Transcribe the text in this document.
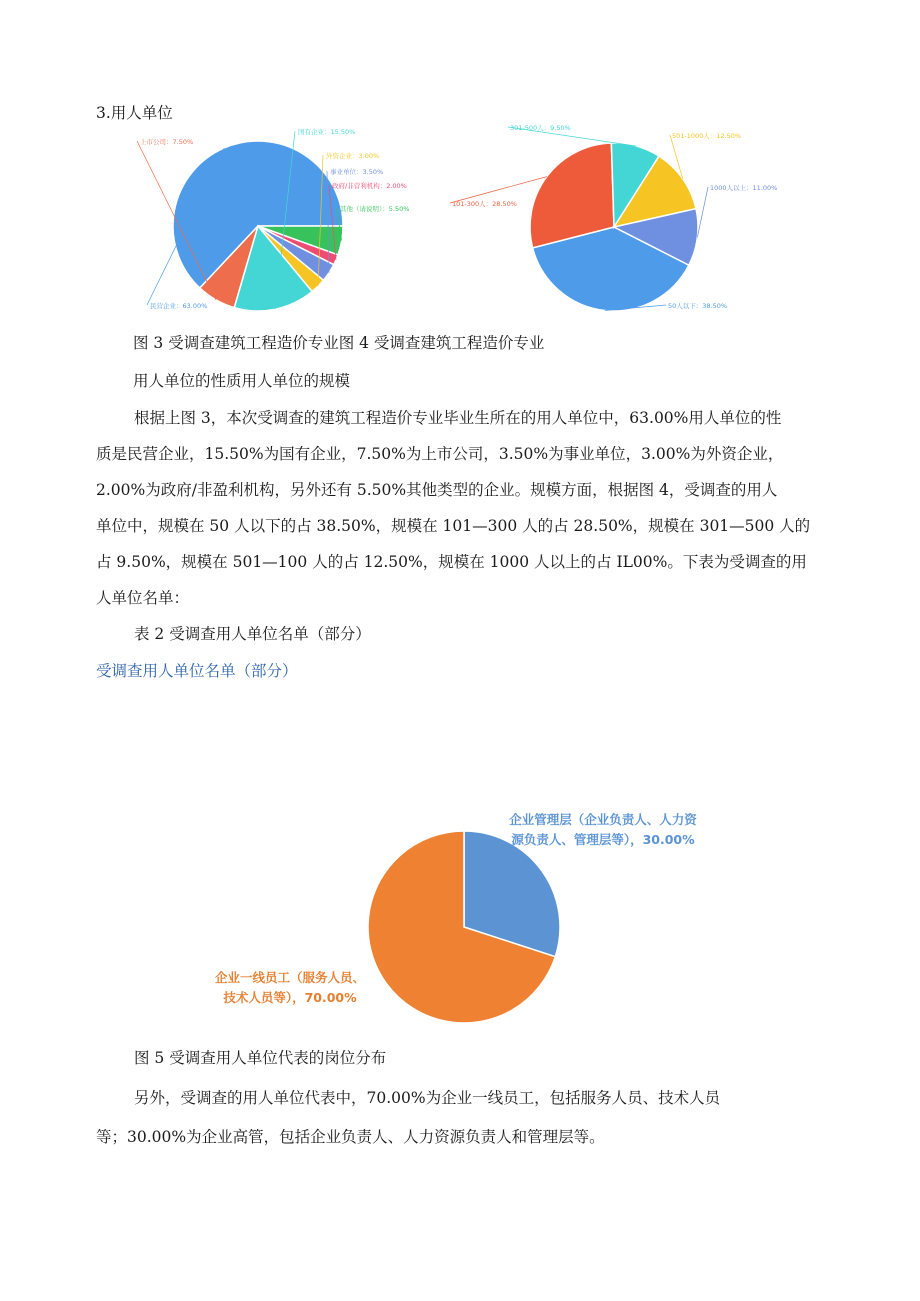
3.用人单位
民营企业：63.00%
上市公司：7.50%
国有企业：15.50%
外资企业：3.00%
事业单位：3.50%
政府/非营利机构：2.00%
其他（请说明）：5.50%
50人以下：38.50%
101-300人：28.50%
301-500人：9.50%
501-1000人：12.50%
1000人以上：11.00%
图 3 受调查建筑工程造价专业图 4 受调查建筑工程造价专业
用人单位的性质用人单位的规模
根据上图 3，本次受调查的建筑工程造价专业毕业生所在的用人单位中，63.00%用人单位的性
质是民营企业，15.50%为国有企业，7.50%为上市公司，3.50%为事业单位，3.00%为外资企业，
2.00%为政府/非盈利机构，另外还有 5.50%其他类型的企业。规模方面，根据图 4，受调查的用人
单位中，规模在 50 人以下的占 38.50%，规模在 101—300 人的占 28.50%，规模在 301—500 人的
占 9.50%，规模在 501—100 人的占 12.50%，规模在 1000 人以上的占 IL00%。下表为受调查的用
人单位名单：
表 2 受调查用人单位名单（部分）
受调查用人单位名单（部分）
企业管理层（企业负责人、人力资
源负责人、管理层等），30.00%
企业一线员工（服务人员、
技术人员等），70.00%
图 5 受调查用人单位代表的岗位分布
另外，受调查的用人单位代表中，70.00%为企业一线员工，包括服务人员、技术人员
等；30.00%为企业高管，包括企业负责人、人力资源负责人和管理层等。
